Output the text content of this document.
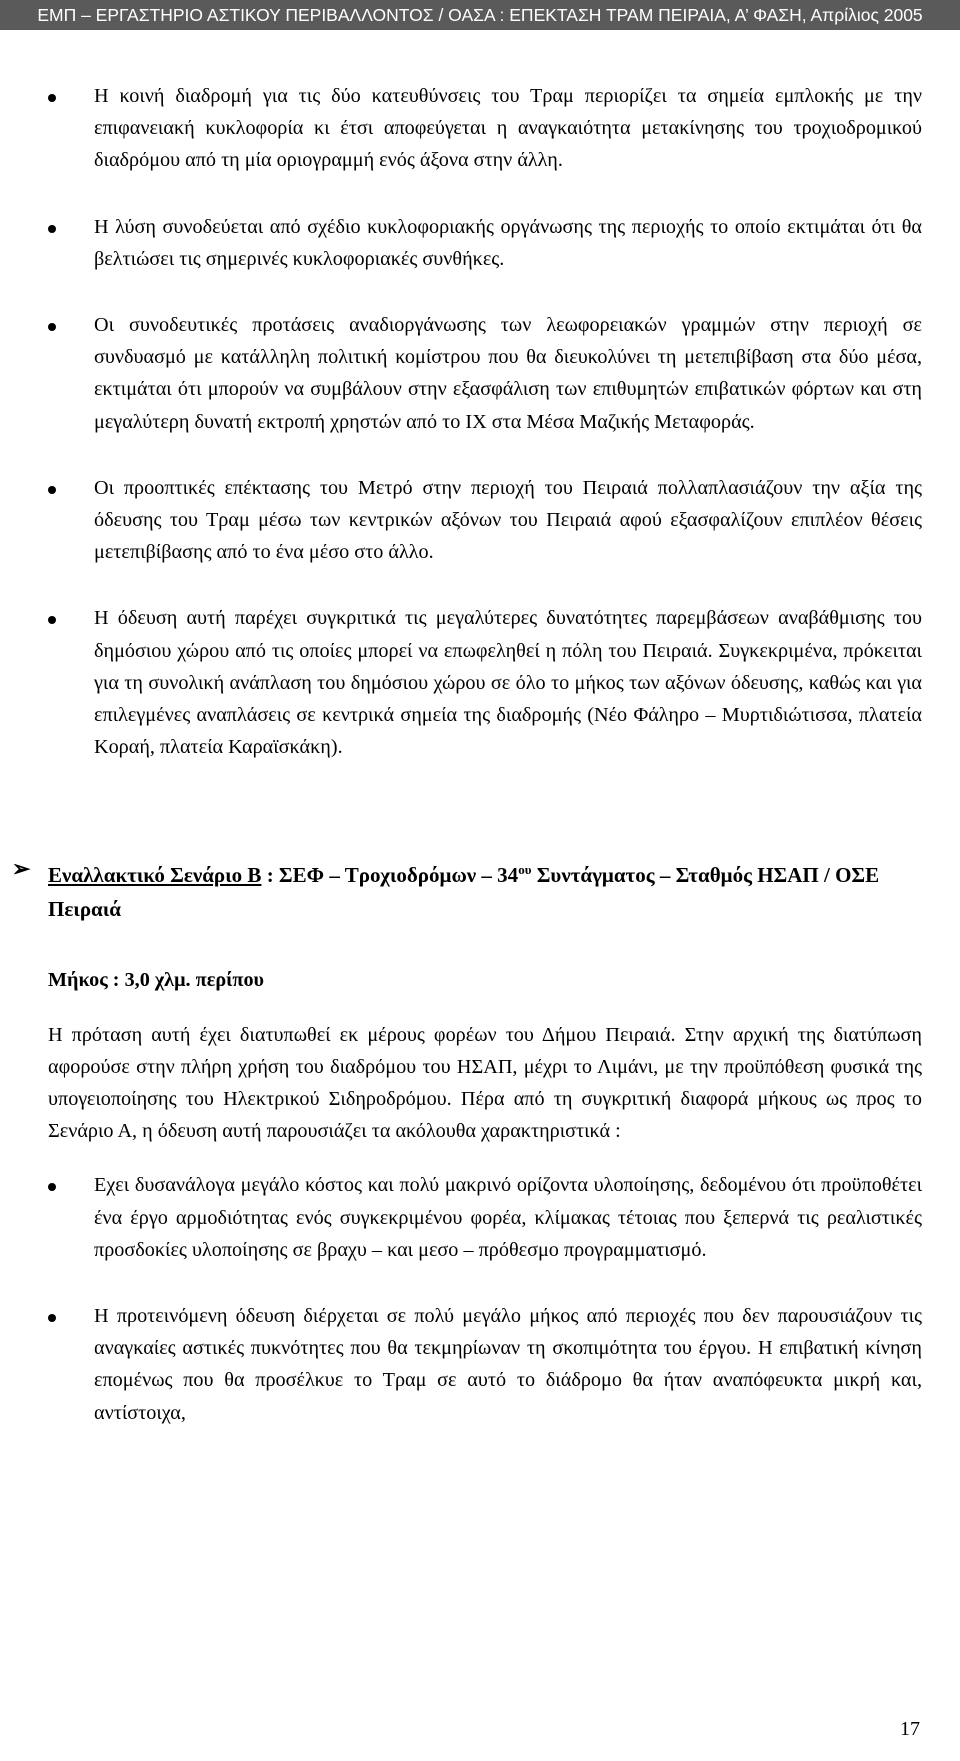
ΕΜΠ – ΕΡΓΑΣΤΗΡΙΟ ΑΣΤΙΚΟΥ ΠΕΡΙΒΑΛΛΟΝΤΟΣ / ΟΑΣΑ : ΕΠΕΚΤΑΣΗ ΤΡΑΜ ΠΕΙΡΑΙΑ, Α’ ΦΑΣΗ, Απρίλιος 2005
Η κοινή διαδρομή για τις δύο κατευθύνσεις του Τραμ περιορίζει τα σημεία εμπλοκής με την επιφανειακή κυκλοφορία κι έτσι αποφεύγεται η αναγκαιότητα μετακίνησης του τροχιοδρομικού διαδρόμου από τη μία οριογραμμή ενός άξονα στην άλλη.
Η λύση συνοδεύεται από σχέδιο κυκλοφοριακής οργάνωσης της περιοχής το οποίο εκτιμάται ότι θα βελτιώσει τις σημερινές κυκλοφοριακές συνθήκες.
Οι συνοδευτικές προτάσεις αναδιοργάνωσης των λεωφορειακών γραμμών στην περιοχή σε συνδυασμό με κατάλληλη πολιτική κομίστρου που θα διευκολύνει τη μετεπιβίβαση στα δύο μέσα, εκτιμάται ότι μπορούν να συμβάλουν στην εξασφάλιση των επιθυμητών επιβατικών φόρτων και στη μεγαλύτερη δυνατή εκτροπή χρηστών από το ΙΧ στα Μέσα Μαζικής Μεταφοράς.
Οι προοπτικές επέκτασης του Μετρό στην περιοχή του Πειραιά πολλαπλασιάζουν την αξία της όδευσης του Τραμ μέσω των κεντρικών αξόνων του Πειραιά αφού εξασφαλίζουν επιπλέον θέσεις μετεπιβίβασης από το ένα μέσο στο άλλο.
Η όδευση αυτή παρέχει συγκριτικά τις μεγαλύτερες δυνατότητες παρεμβάσεων αναβάθμισης του δημόσιου χώρου από τις οποίες μπορεί να επωφεληθεί η πόλη του Πειραιά. Συγκεκριμένα, πρόκειται για τη συνολική ανάπλαση του δημόσιου χώρου σε όλο το μήκος των αξόνων όδευσης, καθώς και για επιλεγμένες αναπλάσεις σε κεντρικά σημεία της διαδρομής (Νέο Φάληρο – Μυρτιδιώτισσα, πλατεία Κοραή, πλατεία Καραϊσκάκη).
➢ Εναλλακτικό Σενάριο Β : ΣΕΦ – Τροχιοδρόμων – $34^{o\upsilon}$ Συντάγματος – Σταθμός ΗΣΑΠ / ΟΣΕ Πειραιά
Μήκος : 3,0 χλμ. περίπου
Η πρόταση αυτή έχει διατυπωθεί εκ μέρους φορέων του Δήμου Πειραιά. Στην αρχική της διατύπωση αφορούσε στην πλήρη χρήση του διαδρόμου του ΗΣΑΠ, μέχρι το Λιμάνι, με την προϋπόθεση φυσικά της υπογειοποίησης του Ηλεκτρικού Σιδηροδρόμου. Πέρα από τη συγκριτική διαφορά μήκους ως προς το Σενάριο Α, η όδευση αυτή παρουσιάζει τα ακόλουθα χαρακτηριστικά :
Εχει δυσανάλογα μεγάλο κόστος και πολύ μακρινό ορίζοντα υλοποίησης, δεδομένου ότι προϋποθέτει ένα έργο αρμοδιότητας ενός συγκεκριμένου φορέα, κλίμακας τέτοιας που ξεπερνά τις ρεαλιστικές προσδοκίες υλοποίησης σε βραχυ – και μεσο – πρόθεσμο προγραμματισμό.
Η προτεινόμενη όδευση διέρχεται σε πολύ μεγάλο μήκος από περιοχές που δεν παρουσιάζουν τις αναγκαίες αστικές πυκνότητες που θα τεκμηρίωναν τη σκοπιμότητα του έργου. Η επιβατική κίνηση επομένως που θα προσέλκυε το Τραμ σε αυτό το διάδρομο θα ήταν αναπόφευκτα μικρή και, αντίστοιχα,
17
